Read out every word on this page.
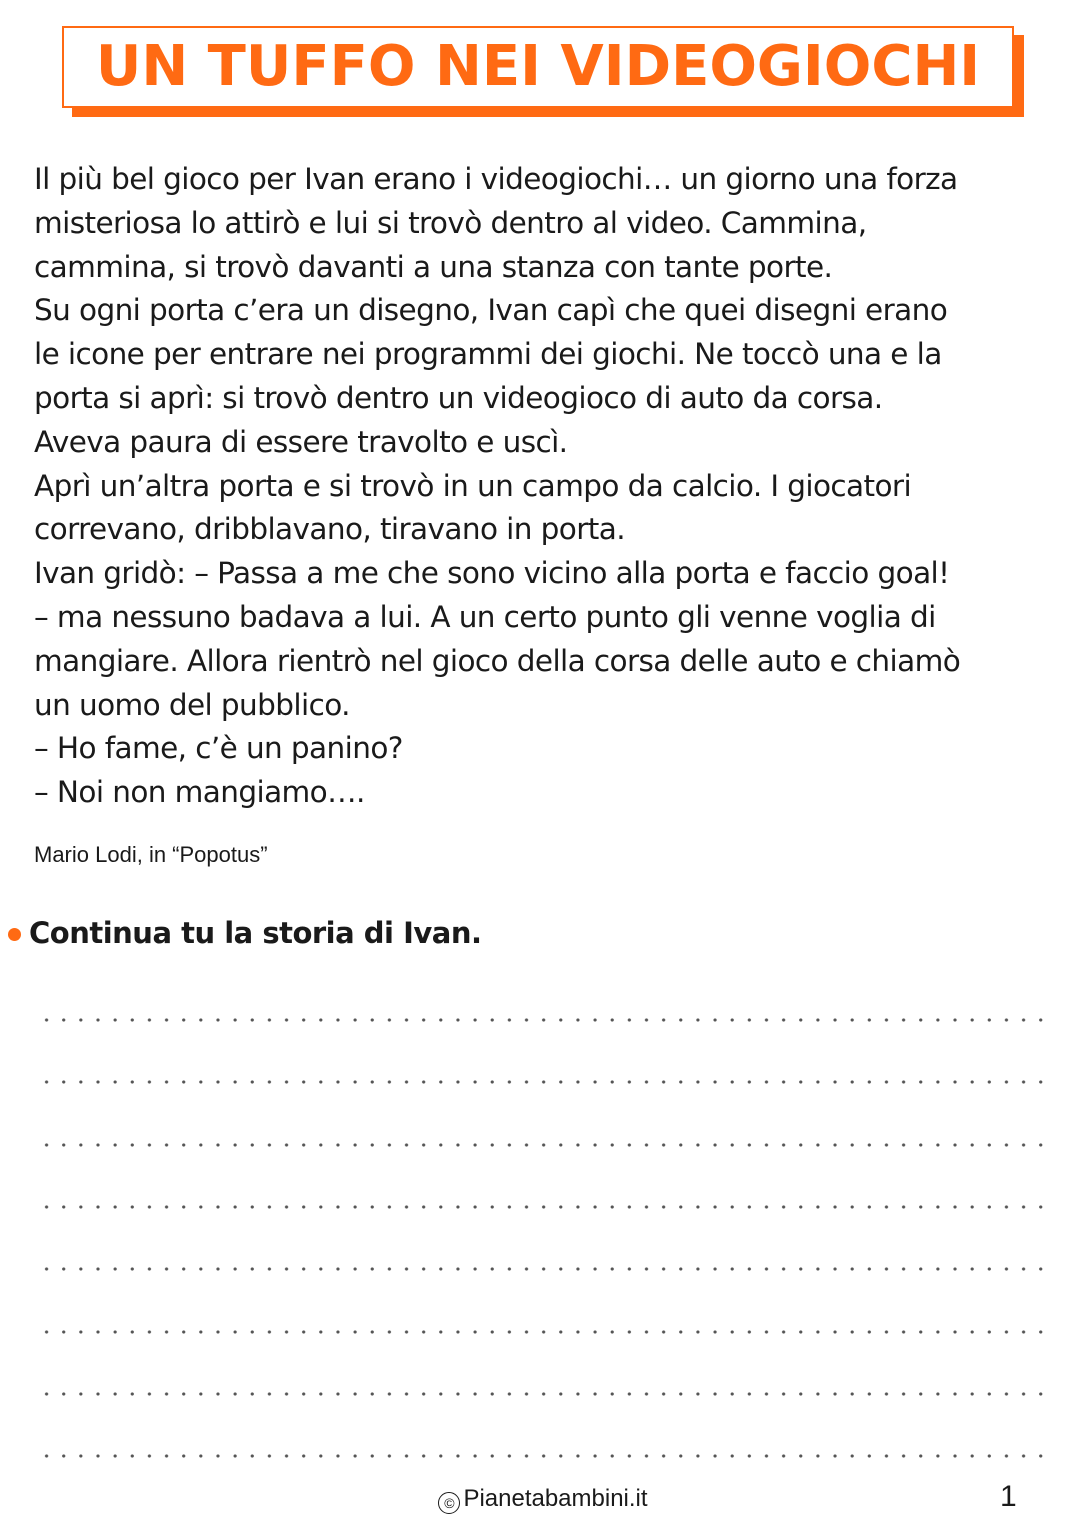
UN TUFFO NEI VIDEOGIOCHI
Il più bel gioco per Ivan erano i videogiochi… un giorno una forza
misteriosa lo attirò e lui si trovò dentro al video. Cammina,
cammina, si trovò davanti a una stanza con tante porte.
Su ogni porta c’era un disegno, Ivan capì che quei disegni erano
le icone per entrare nei programmi dei giochi. Ne toccò una e la
porta si aprì: si trovò dentro un videogioco di auto da corsa.
Aveva paura di essere travolto e uscì.
Aprì un’altra porta e si trovò in un campo da calcio. I giocatori
correvano, dribblavano, tiravano in porta.
Ivan gridò: – Passa a me che sono vicino alla porta e faccio goal!
– ma nessuno badava a lui. A un certo punto gli venne voglia di
mangiare. Allora rientrò nel gioco della corsa delle auto e chiamò
un uomo del pubblico.
– Ho fame, c’è un panino?
– Noi non mangiamo….
Mario Lodi, in “Popotus”
Continua tu la storia di Ivan.
© Pianetabambini.it	1
